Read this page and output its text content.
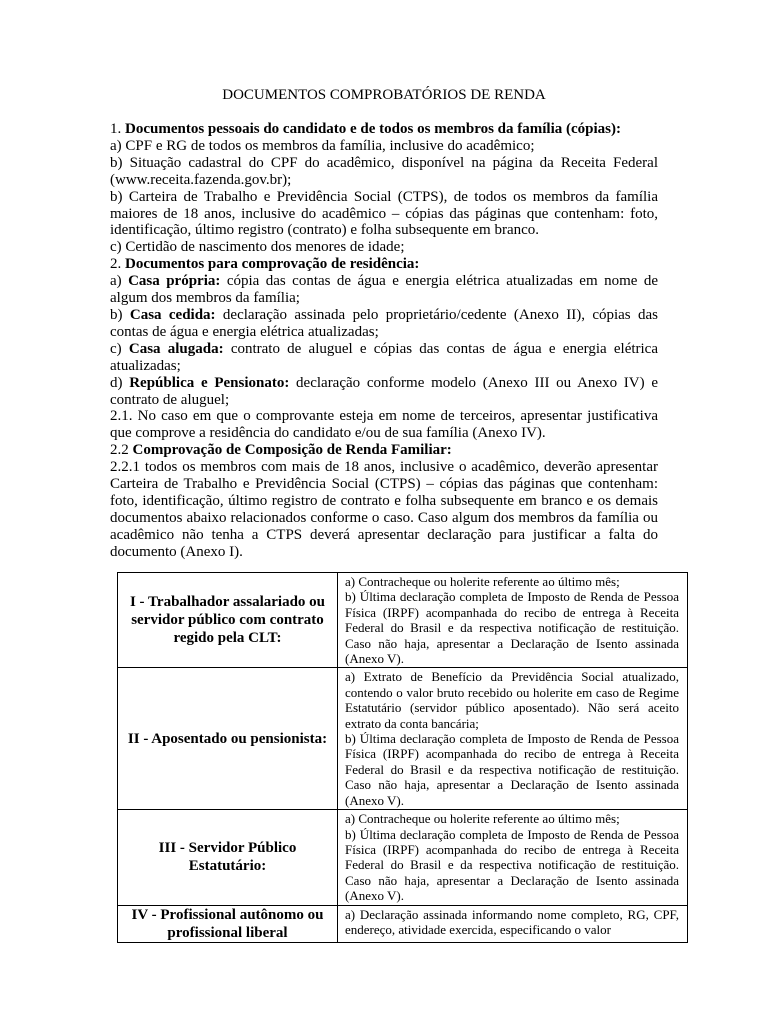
DOCUMENTOS COMPROBATÓRIOS DE RENDA

1. Documentos pessoais do candidato e de todos os membros da família (cópias):

a) CPF e RG de todos os membros da família, inclusive do acadêmico;

b) Situação cadastral do CPF do acadêmico, disponível na página da Receita Federal (www.receita.fazenda.gov.br);

b) Carteira de Trabalho e Previdência Social (CTPS), de todos os membros da família maiores de 18 anos, inclusive do acadêmico – cópias das páginas que contenham: foto, identificação, último registro (contrato) e folha subsequente em branco.

c) Certidão de nascimento dos menores de idade;

2. Documentos para comprovação de residência:

a) Casa própria: cópia das contas de água e energia elétrica atualizadas em nome de algum dos membros da família;

b) Casa cedida: declaração assinada pelo proprietário/cedente (Anexo II), cópias das contas de água e energia elétrica atualizadas;

c) Casa alugada: contrato de aluguel e cópias das contas de água e energia elétrica atualizadas;

d) República e Pensionato: declaração conforme modelo (Anexo III ou Anexo IV) e contrato de aluguel;

2.1. No caso em que o comprovante esteja em nome de terceiros, apresentar justificativa que comprove a residência do candidato e/ou de sua família (Anexo IV).

2.2 Comprovação de Composição de Renda Familiar:

2.2.1 todos os membros com mais de 18 anos, inclusive o acadêmico, deverão apresentar Carteira de Trabalho e Previdência Social (CTPS) – cópias das páginas que contenham: foto, identificação, último registro de contrato e folha subsequente em branco e os demais documentos abaixo relacionados conforme o caso. Caso algum dos membros da família ou acadêmico não tenha a CTPS deverá apresentar declaração para justificar a falta do documento (Anexo I).

I - Trabalhador assalariado ou servidor público com contrato regido pela CLT:	a) Contracheque ou holerite referente ao último mês;

b) Última declaração completa de Imposto de Renda de Pessoa Física (IRPF) acompanhada do recibo de entrega à Receita Federal do Brasil e da respectiva notificação de restituição. Caso não haja, apresentar a Declaração de Isento assinada (Anexo V).

II - Aposentado ou pensionista:	a) Extrato de Benefício da Previdência Social atualizado, contendo o valor bruto recebido ou holerite em caso de Regime Estatutário (servidor público aposentado). Não será aceito extrato da conta bancária;

b) Última declaração completa de Imposto de Renda de Pessoa Física (IRPF) acompanhada do recibo de entrega à Receita Federal do Brasil e da respectiva notificação de restituição. Caso não haja, apresentar a Declaração de Isento assinada (Anexo V).

III - Servidor Público Estatutário:	a) Contracheque ou holerite referente ao último mês;

b) Última declaração completa de Imposto de Renda de Pessoa Física (IRPF) acompanhada do recibo de entrega à Receita Federal do Brasil e da respectiva notificação de restituição. Caso não haja, apresentar a Declaração de Isento assinada (Anexo V).

IV - Profissional autônomo ou profissional liberal	a) Declaração assinada informando nome completo, RG, CPF, endereço, atividade exercida, especificando o valor
